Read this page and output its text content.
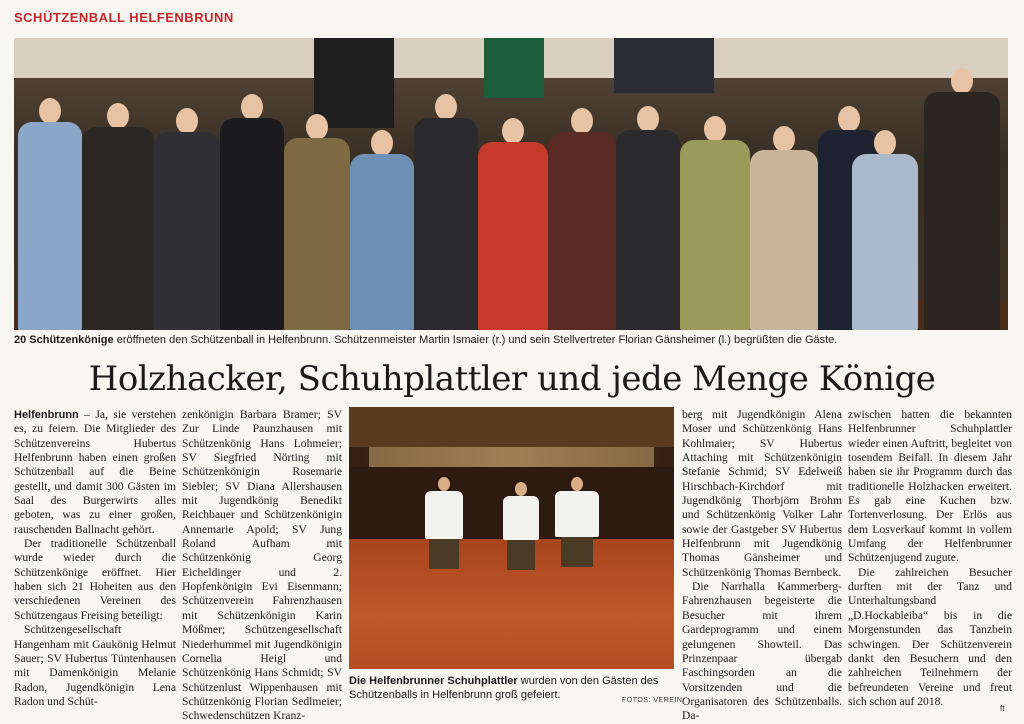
SCHÜTZENBALL HELFENBRUNN
20 Schützenkönige eröffneten den Schützenball in Helfenbrunn. Schützenmeister Martin Ismaier (r.) und sein Stellvertreter Florian Gänsheimer (l.) begrüßten die Gäste.
Holzhacker, Schuhplattler und jede Menge Könige

Helfenbrunn – Ja, sie verstehen es, zu feiern. Die Mitglieder des Schützenvereins Hubertus Helfenbrunn haben einen großen Schützenball auf die Beine gestellt, und damit 300 Gästen im Saal des Burgerwirts alles geboten, was zu einer großen, rauschenden Ballnacht gehört.

Der traditionelle Schützenball wurde wieder durch die Schützenkönige eröffnet. Hier haben sich 21 Hoheiten aus den verschiedenen Vereinen des Schützengaus Freising beteiligt:

Schützengesellschaft Hangenham mit Gaukönig Helmut Sauer; SV Hubertus Tüntenhausen mit Damenkönigin Melanie Radon, Jugendkönigin Lena Radon und Schüt-

zenkönigin Barbara Bramer; SV Zur Linde Paunzhausen mit Schützenkönig Hans Lohmeier; SV Siegfried Nörting mit Schützenkönigin Rosemarie Siebler; SV Diana Allershausen mit Jugendkönig Benedikt Reichbauer und Schützenkönigin Annemarie Apold; SV Jung Roland Aufham mit Schützenkönig Georg Eicheldinger und 2. Hopfenkönigin Evi Eisenmann; Schützenverein Fahrenzhausen mit Schützenkönigin Karin Mößmer; Schützengesellschaft Niederhummel mit Jugendkönigin Cornelia Heigl und Schützenkönig Hans Schmidt; SV Schützenlust Wippenhausen mit Schützenkönig Florian Sedlmeier; Schwedenschützen Kranz-

Die Helfenbrunner Schuhplattler wurden von den Gästen des Schützenballs in Helfenbrunn groß gefeiert.	FOTOS: VEREIN

berg mit Jugendkönigin Alena Moser und Schützenkönig Hans Kohlmaier; SV Hubertus Attaching mit Schützenkönigin Stefanie Schmid; SV Edelweiß Hirschbach-Kirchdorf mit Jugendkönig Thorbjörn Brohm und Schützenkönig Volker Lahr sowie der Gastgeber SV Hubertus Helfenbrunn mit Jugendkönig Thomas Gänsheimer und Schützenkönig Thomas Bernbeck.

Die Narrhalla Kammerberg-Fahrenzhausen begeisterte die Besucher mit ihrem Gardeprogramm und einem gelungenen Showteil. Das Prinzenpaar übergab Faschingsorden an die Vorsitzenden und die Organisatoren des Schützenballs. Da-

zwischen hatten die bekannten Helfenbrunner Schuhplattler wieder einen Auftritt, begleitet von tosendem Beifall. In diesem Jahr haben sie ihr Programm durch das traditionelle Holzhacken erweitert. Es gab eine Kuchen bzw. Tortenverlosung. Der Erlös aus dem Losverkauf kommt in vollem Umfang der Helfenbrunner Schützenjugend zugute.

Die zahlreichen Besucher durften mit der Tanz und Unterhaltungsband „D.Hockableiba“ bis in die Morgenstunden das Tanzbein schwingen. Der Schützenverein dankt den Besuchern und den zahlreichen Teilnehmern der befreundeten Vereine und freut sich schon auf 2018.

ft
